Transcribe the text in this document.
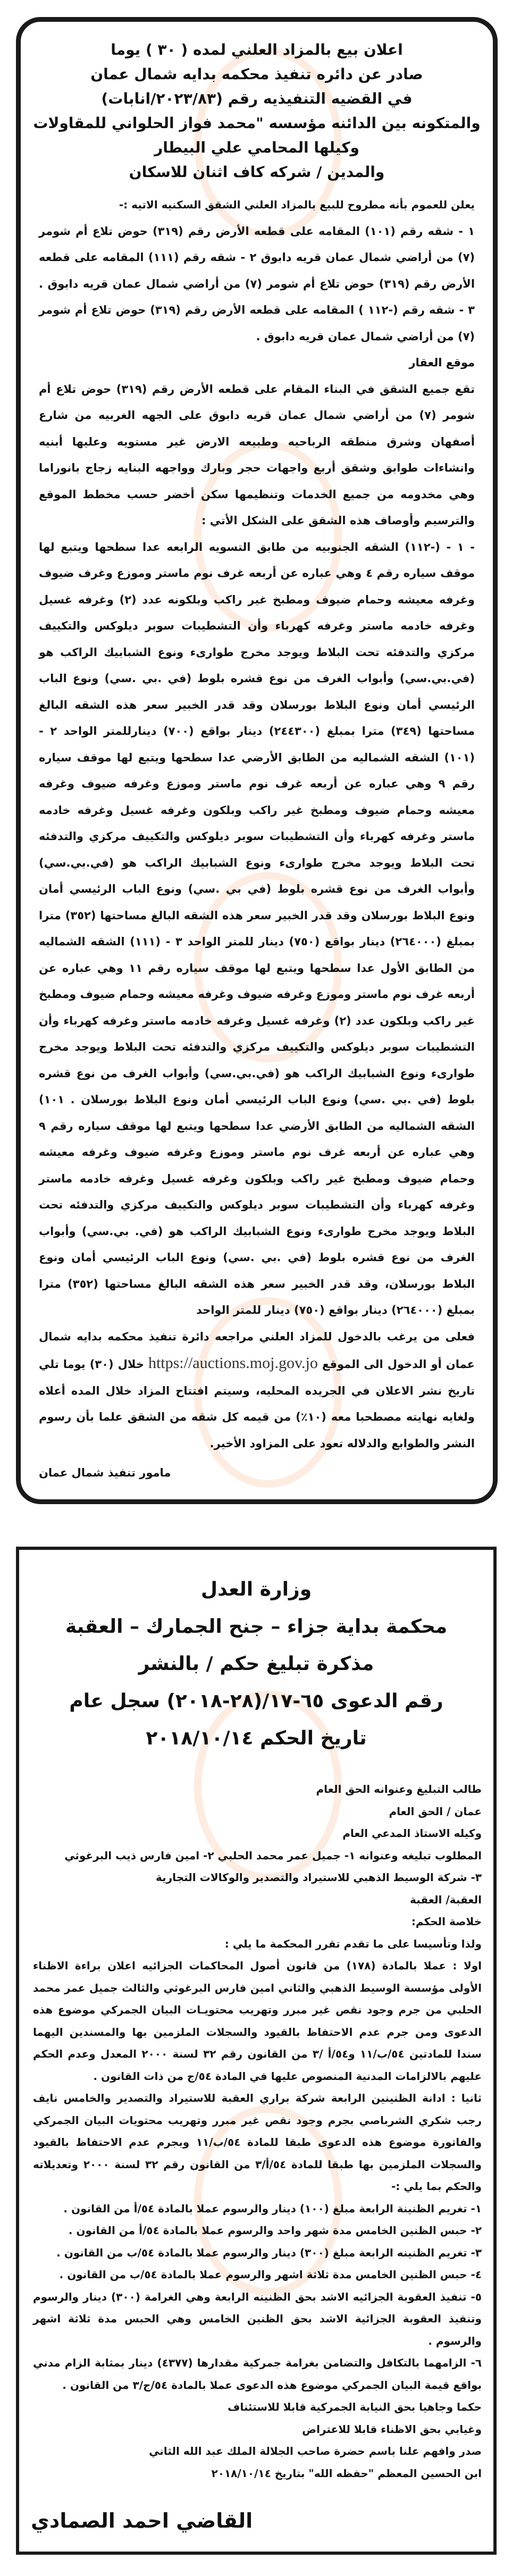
اعلان بيع بالمزاد العلني لمده ( ٣٠ ) يوما
صادر عن دائره تنفيذ محكمه بدايه شمال عمان
في القضيه التنفيذيه رقم (٢٠٢٣/٨٣/انابات)
والمتكونه بين الدائنه مؤسسه "محمد فواز الحلواني للمقاولات
وكيلها المحامي علي البيطار
والمدين / شركه كاف اثنان للاسكان

يعلن للعموم بأنه مطروح للبيع بالمزاد العلني الشقق السكنيه الاتيه :-

١ - شقه رقم (١٠١) المقامه على قطعه الأرض رقم (٣١٩) حوض تلاع أم شومر (٧) من أراضي شمال عمان قريه دابوق ٢ - شقه رقم (١١١) المقامه على قطعه الأرض رقم (٣١٩) حوض تلاع أم شومر (٧) من أراضي شمال عمان قريه دابوق . ٣ - شقه رقم (-١١٢ ) المقامه على قطعه الأرض رقم (٣١٩) حوض تلاع أم شومر (٧) من أراضي شمال عمان قريه دابوق .

موقع العقار

تقع جميع الشقق في البناء المقام على قطعه الأرض رقم (٣١٩) حوض تلاع أم شومر (٧) من أراضي شمال عمان قريه دابوق على الجهه الغربيه من شارع أصفهان وشرق منطقه الرباحيه وطبيعه الارض غير مستويه وعليها أبنيه وانشاءات طوابق وشقق أربع واجهات حجر وبارك وواجهه البنايه زجاج بانوراما وهي مخدومه من جميع الخدمات وتنظيمها سكن أخضر حسب مخطط الموقع والترسيم وأوصاف هذه الشقق على الشكل الأتي :

- ١ - (-١١٢) الشقه الجنوبيه من طابق التسويه الرابعه عدا سطحها ويتبع لها موقف سياره رقم ٤ وهي عباره عن أربعه غرف نوم ماستر وموزع وغرف ضيوف وغرفه معيشه وحمام ضيوف ومطبخ غير راكب وبلكونه عدد (٢) وغرفه غسيل وغرفه خادمه ماستر وغرفه كهرباء وأن التشطيبات سوبر ديلوكس والتكييف مركزي والتدفئه تحت البلاط ويوجد مخرج طوارىء ونوع الشبابيك الراكب هو (في.بي.سي) وأبواب الغرف من نوع قشره بلوط (في .بي .سي) ونوع الباب الرئيسي أمان ونوع البلاط بورسلان وقد قدر الخبير سعر هذه الشقه البالغ مساحتها (٣٤٩) مترا بمبلغ (٢٤٤٣٠٠) دينار بواقع (٧٠٠) دينارللمتر الواحد ٢ - (١٠١) الشقه الشماليه من الطابق الأرضي عدا سطحها ويتبع لها موقف سياره رقم ٩ وهي عباره عن أربعه غرف نوم ماستر وموزع وغرفه ضيوف وغرفه معيشه وحمام ضيوف ومطبخ غير راكب وبلكون وغرفه غسيل وغرفه خادمه ماستر وغرفه كهرباء وأن التشطيبات سوبر ديلوكس والتكييف مركزي والتدفئه تحت البلاط ويوجد مخرج طوارىء ونوع الشبابيك الراكب هو (في.بي.سي) وأبواب الغرف من نوع قشره بلوط (في بي .سي) ونوع الباب الرئيسي أمان ونوع البلاط بورسلان وقد قدر الخبير سعر هذه الشقه البالغ مساحتها (٣٥٢) مترا بمبلغ (٢٦٤٠٠٠) دينار بواقع (٧٥٠) دينار للمتر الواحد ٣ - (١١١) الشقه الشماليه من الطابق الأول عدا سطحها ويتبع لها موقف سياره رقم ١١ وهي عباره عن أربعه غرف نوم ماستر وموزع وغرفه ضيوف وغرفه معيشه وحمام ضيوف ومطبخ غير راكب وبلكون عدد (٢) وغرفه غسيل وغرفه خادمه ماستر وغرفه كهرباء وأن التشطيبات سوبر ديلوكس والتكييف مركزي والتدفئه تحت البلاط ويوجد مخرج طوارىء ونوع الشبابيك الراكب هو (في.بي.سي) وأبواب الغرف من نوع قشره بلوط (في .بي .سي) ونوع الباب الرئيسي أمان ونوع البلاط بورسلان . ١٠١) الشقه الشماليه من الطابق الأرضي عدا سطحها ويتبع لها موقف سياره رقم ٩ وهي عباره عن أربعه غرف نوم ماستر وموزع وغرفه ضيوف وغرفه معيشه وحمام ضيوف ومطبخ غير راكب وبلكون وغرفه غسيل وغرفه خادمه ماستر وغرفه كهرباء وأن التشطيبات سوبر ديلوكس والتكييف مركزي والتدفئه تحت البلاط ويوجد مخرج طوارىء ونوع الشبابيك الراكب هو (في. بي.سي) وأبواب الغرف من نوع قشره بلوط (في .بي .سي) ونوع الباب الرئيسي أمان ونوع البلاط بورسلان، وقد قدر الخبير سعر هذه الشقه البالغ مساحتها (٣٥٢) مترا بمبلغ (٢٦٤٠٠٠) دينار بواقع (٧٥٠) دينار للمتر الواحد

فعلى من يرغب بالدخول للمزاد العلني مراجعه دائرة تنفيذ محكمه بدايه شمال عمان أو الدخول الى الموقع https://auctions.moj.gov.jo خلال (٣٠) يوما تلي تاريخ نشر الاعلان في الجريده المحليه، وسيتم افتتاح المزاد خلال المده أعلاه ولغايه نهايته مصطحبا معه (١٠٪) من قيمه كل شقه من الشقق علما بأن رسوم النشر والطوابع والدلاله تعود على المزاود الأخير.

مامور تنفيذ شمال عمان
وزارة العدل
محكمة بداية جزاء – جنح الجمارك – العقبة
مذكرة تبليغ حكم / بالنشر
رقم الدعوى ٦٥-١٧/(٢٨-٢٠١٨) سجل عام
تاريخ الحكم ٢٠١٨/١٠/١٤

طالب التبليغ وعنوانه الحق العام

عمان / الحق العام

وكيله الاستاذ المدعي العام

المطلوب تبليغه وعنوانه ١- جميل عمر محمد الحلبي ٢- امين فارس ذيب البرغوثي

٣- شركة الوسيط الذهبي للاستيراد والتصدير والوكالات التجارية

العقبة/ العقبة

خلاصة الحكم:

ولذا وتأسيسا على ما تقدم تقرر المحكمة ما يلي :

اولا : عملا بالمادة (١٧٨) من قانون أصول المحاكمات الجزائيه اعلان براءة الاظناء الأولى مؤسسة الوسيط الذهبي والثاني امين فارس البرغوثي والثالث جميل عمر محمد الحلبي من جرم وجود نقص غير مبرر وتهريب محتويـات البيان الجمركي موضوع هذه الدعوى ومن جرم عدم الاحتفاظ بالقيود والسجلات الملزمين بها والمسندين اليهما سندا للمادتين ٥٤/ب/١١ و٥٤/أ /٣ من القانون رقم ٣٢ لسنة ٢٠٠٠ المعدل وعدم الحكم عليهم بالالزامات المدنية المنصوص عليها في المادة ٥٤/ج من ذات القانون .

ثانيا : ادانة الظنينين الرابعة شركة براري العقبة للاستيراد والتصدير والخامس نايف رجب شكري الشرباصي بجرم وجود نقص غير مبرر وتهريب محتويات البيان الجمركي والفاتورة موضوع هذه الدعوى طبقا للمادة ٥٤/ب/١١ وبجرم عدم الاحتفاظ بالقيود والسجلات الملزمين بها طبقا للمادة ٥٤/أ/٣ من القانون رقم ٣٢ لسنة ٢٠٠٠ وتعديلاته والحكم بما يلي :-

١- تغريم الظنينة الرابعة مبلغ (١٠٠) دينار والرسوم عملا بالمادة ٥٤/أ من القانون .

٢- حبس الظنين الخامس مدة شهر واحد والرسوم عملا بالمادة ٥٤/أ من القانون .

٣- تغريم الظنينه الرابعة مبلغ (٣٠٠) دينار والرسوم عملا بالمادة ٥٤/ب من القانون .

٤- حبس الظنين الخامس مدة ثلاثة اشهر والرسوم عملا بالمادة ٥٤/ب من القانون .

٥- تنفيذ العقوبة الجزائيه الاشد بحق الظنينه الرابعة وهي الغرامة (٣٠٠) دينار والرسوم وتنفيذ العقوبة الجزائية الاشد بحق الظنين الخامس وهي الحبس مدة ثلاثة اشهر والرسوم .

٦- الزامهما بالتكافل والتضامن بغرامة جمركية مقدارها (٤٣٧٧) دينار بمثابة الزام مدني بواقع قيمة البيان الجمركي موضوع هذه الدعوى عملا بالمادة ٥٤/ج/٣ من القانون .

حكما وجاهيا بحق النيابة الجمركية قابلا للاستئناف

وغيابي بحق الاظناء قابلا للاعتراض

صدر وافهم علنا باسم حضرة صاحب الجلالة الملك عبد الله الثاني

ابن الحسين المعظم "حفظه الله" بتاريخ ٢٠١٨/١٠/١٤

القاضي احمد الصمادي
